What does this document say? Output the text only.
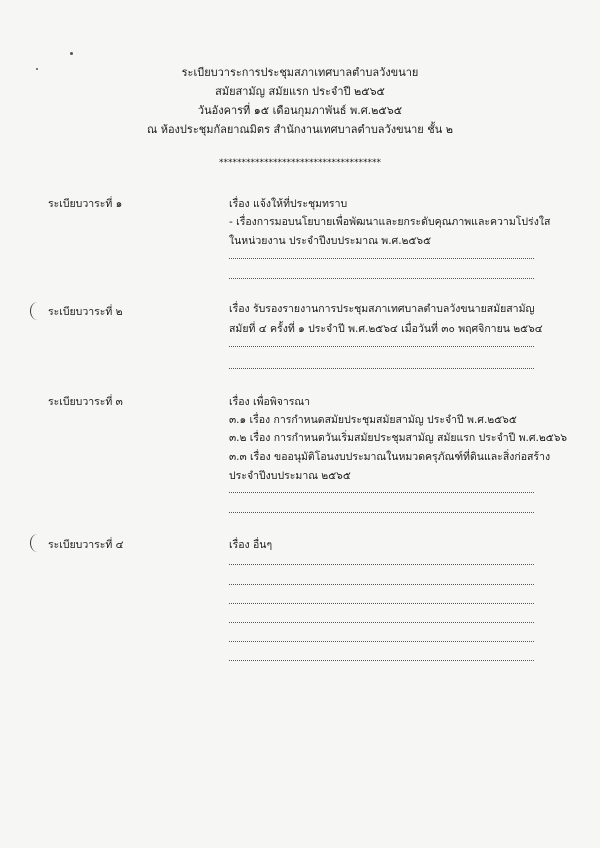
ระเบียบวาระการประชุมสภาเทศบาลตำบลวังขนาย
สมัยสามัญ สมัยแรก ประจำปี ๒๕๖๕
วันอังคารที่ ๑๕ เดือนกุมภาพันธ์ พ.ศ.๒๕๖๕
ณ ห้องประชุมกัลยาณมิตร สำนักงานเทศบาลตำบลวังขนาย ชั้น ๒
************************************
ระเบียบวาระที่ ๑	เรื่อง แจ้งให้ที่ประชุมทราบ
- เรื่องการมอบนโยบายเพื่อพัฒนาและยกระดับคุณภาพและความโปร่งใส
ในหน่วยงาน ประจำปีงบประมาณ พ.ศ.๒๕๖๕
ระเบียบวาระที่ ๒	เรื่อง รับรองรายงานการประชุมสภาเทศบาลตำบลวังขนายสมัยสามัญ
สมัยที่ ๔ ครั้งที่ ๑ ประจำปี พ.ศ.๒๕๖๔ เมื่อวันที่ ๓๐ พฤศจิกายน ๒๕๖๔
ระเบียบวาระที่ ๓	เรื่อง เพื่อพิจารณา
๓.๑ เรื่อง การกำหนดสมัยประชุมสมัยสามัญ ประจำปี พ.ศ.๒๕๖๕
๓.๒ เรื่อง การกำหนดวันเริ่มสมัยประชุมสามัญ สมัยแรก ประจำปี พ.ศ.๒๕๖๖
๓.๓ เรื่อง ขออนุมัติโอนงบประมาณในหมวดครุภัณฑ์ที่ดินและสิ่งก่อสร้าง
ประจำปีงบประมาณ ๒๕๖๕
ระเบียบวาระที่ ๔	เรื่อง อื่นๆ
